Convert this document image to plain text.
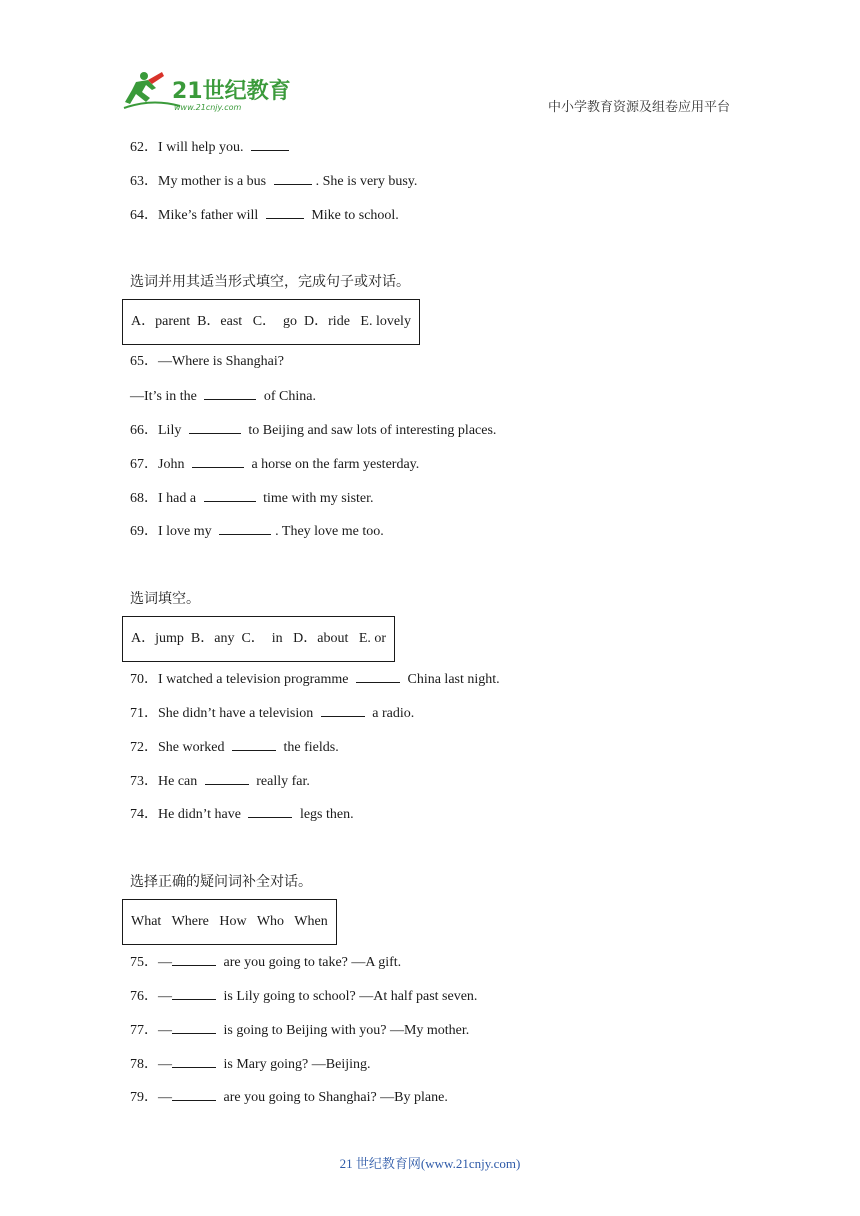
21世纪教育
www.21cnjy.com	中小学教育资源及组卷应用平台
62．I will help you.
63．My mother is a bus	. She is very busy.
64．Mike’s father will	Mike to school.
选词并用其适当形式填空，完成句子或对话。
A．parent  B．east   C．  go  D．ride   E. lovely
65．—Where is Shanghai?
—It’s in the	of China.
66．Lily	to Beijing and saw lots of interesting places.
67．John	a horse on the farm yesterday.
68．I had a	time with my sister.
69．I love my	. They love me too.
选词填空。
A．jump  B．any  C．  in   D．about   E. or
70．I watched a television programme	China last night.
71．She didn’t have a television	a radio.
72．She worked	the fields.
73．He can	really far.
74．He didn’t have	legs then.
选择正确的疑问词补全对话。
What   Where   How   Who   When
75．—	are you going to take? —A gift.
76．—	is Lily going to school? —At half past seven.
77．—	is going to Beijing with you? —My mother.
78．—	is Mary going? —Beijing.
79．—	are you going to Shanghai? —By plane.
21 世纪教育网(www.21cnjy.com)
